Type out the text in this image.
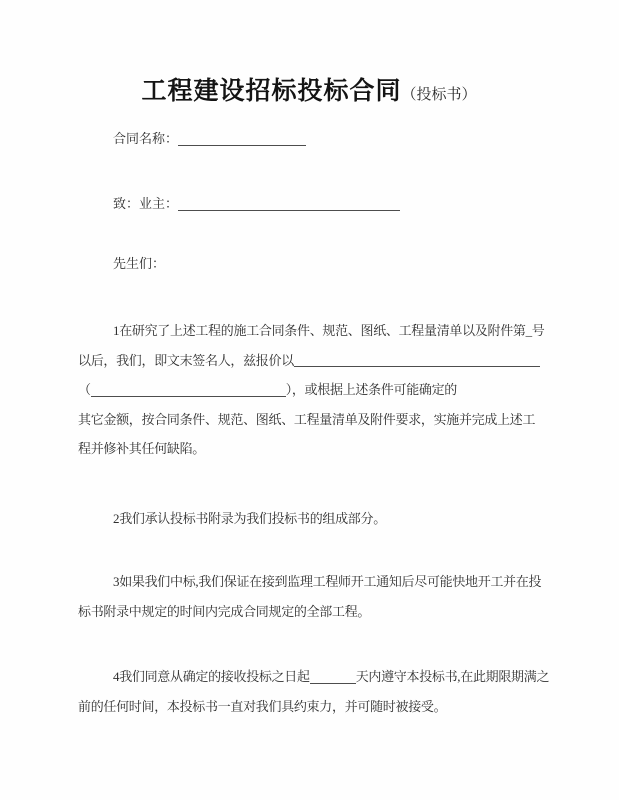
工程建设招标投标合同（投标书）
合同名称：
致：业主：
先生们：
1在研究了上述工程的施工合同条件、规范、图纸、工程量清单以及附件第_号
以后，我们，即文末签名人，兹报价以
（	），或根据上述条件可能确定的
其它金额，按合同条件、规范、图纸、工程量清单及附件要求，实施并完成上述工
程并修补其任何缺陷。
2我们承认投标书附录为我们投标书的组成部分。
3如果我们中标,我们保证在接到监理工程师开工通知后尽可能快地开工并在投
标书附录中规定的时间内完成合同规定的全部工程。
4我们同意从确定的接收投标之日起	天内遵守本投标书,在此期限期满之
前的任何时间，本投标书一直对我们具约束力，并可随时被接受。
